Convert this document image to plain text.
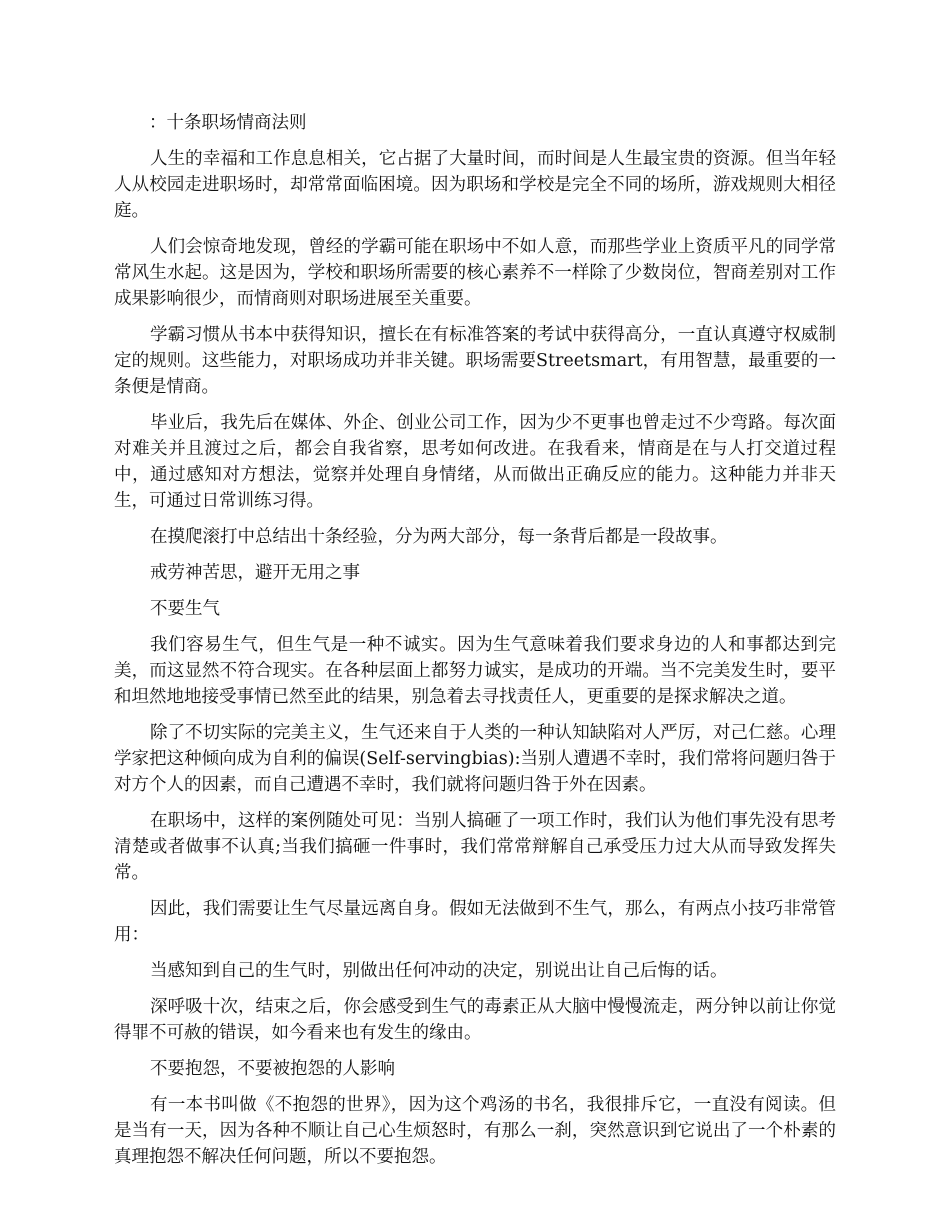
：十条职场情商法则

人生的幸福和工作息息相关，它占据了大量时间，而时间是人生最宝贵的资源。但当年轻人从校园走进职场时，却常常面临困境。因为职场和学校是完全不同的场所，游戏规则大相径庭。

人们会惊奇地发现，曾经的学霸可能在职场中不如人意，而那些学业上资质平凡的同学常常风生水起。这是因为，学校和职场所需要的核心素养不一样除了少数岗位，智商差别对工作成果影响很少，而情商则对职场进展至关重要。

学霸习惯从书本中获得知识，擅长在有标准答案的考试中获得高分，一直认真遵守权威制定的规则。这些能力，对职场成功并非关键。职场需要Streetsmart，有用智慧，最重要的一条便是情商。

毕业后，我先后在媒体、外企、创业公司工作，因为少不更事也曾走过不少弯路。每次面对难关并且渡过之后，都会自我省察，思考如何改进。在我看来，情商是在与人打交道过程中，通过感知对方想法，觉察并处理自身情绪，从而做出正确反应的能力。这种能力并非天生，可通过日常训练习得。

在摸爬滚打中总结出十条经验，分为两大部分，每一条背后都是一段故事。

戒劳神苦思，避开无用之事

不要生气

我们容易生气，但生气是一种不诚实。因为生气意味着我们要求身边的人和事都达到完美，而这显然不符合现实。在各种层面上都努力诚实，是成功的开端。当不完美发生时，要平和坦然地地接受事情已然至此的结果，别急着去寻找责任人，更重要的是探求解决之道。

除了不切实际的完美主义，生气还来自于人类的一种认知缺陷对人严厉，对己仁慈。心理学家把这种倾向成为自利的偏误(Self-servingbias):当别人遭遇不幸时，我们常将问题归咎于对方个人的因素，而自己遭遇不幸时，我们就将问题归咎于外在因素。

在职场中，这样的案例随处可见：当别人搞砸了一项工作时，我们认为他们事先没有思考清楚或者做事不认真;当我们搞砸一件事时，我们常常辩解自己承受压力过大从而导致发挥失常。

因此，我们需要让生气尽量远离自身。假如无法做到不生气，那么，有两点小技巧非常管用：

当感知到自己的生气时，别做出任何冲动的决定，别说出让自己后悔的话。

深呼吸十次，结束之后，你会感受到生气的毒素正从大脑中慢慢流走，两分钟以前让你觉得罪不可赦的错误，如今看来也有发生的缘由。

不要抱怨，不要被抱怨的人影响

有一本书叫做《不抱怨的世界》，因为这个鸡汤的书名，我很排斥它，一直没有阅读。但是当有一天，因为各种不顺让自己心生烦怒时，有那么一刹，突然意识到它说出了一个朴素的真理抱怨不解决任何问题，所以不要抱怨。
